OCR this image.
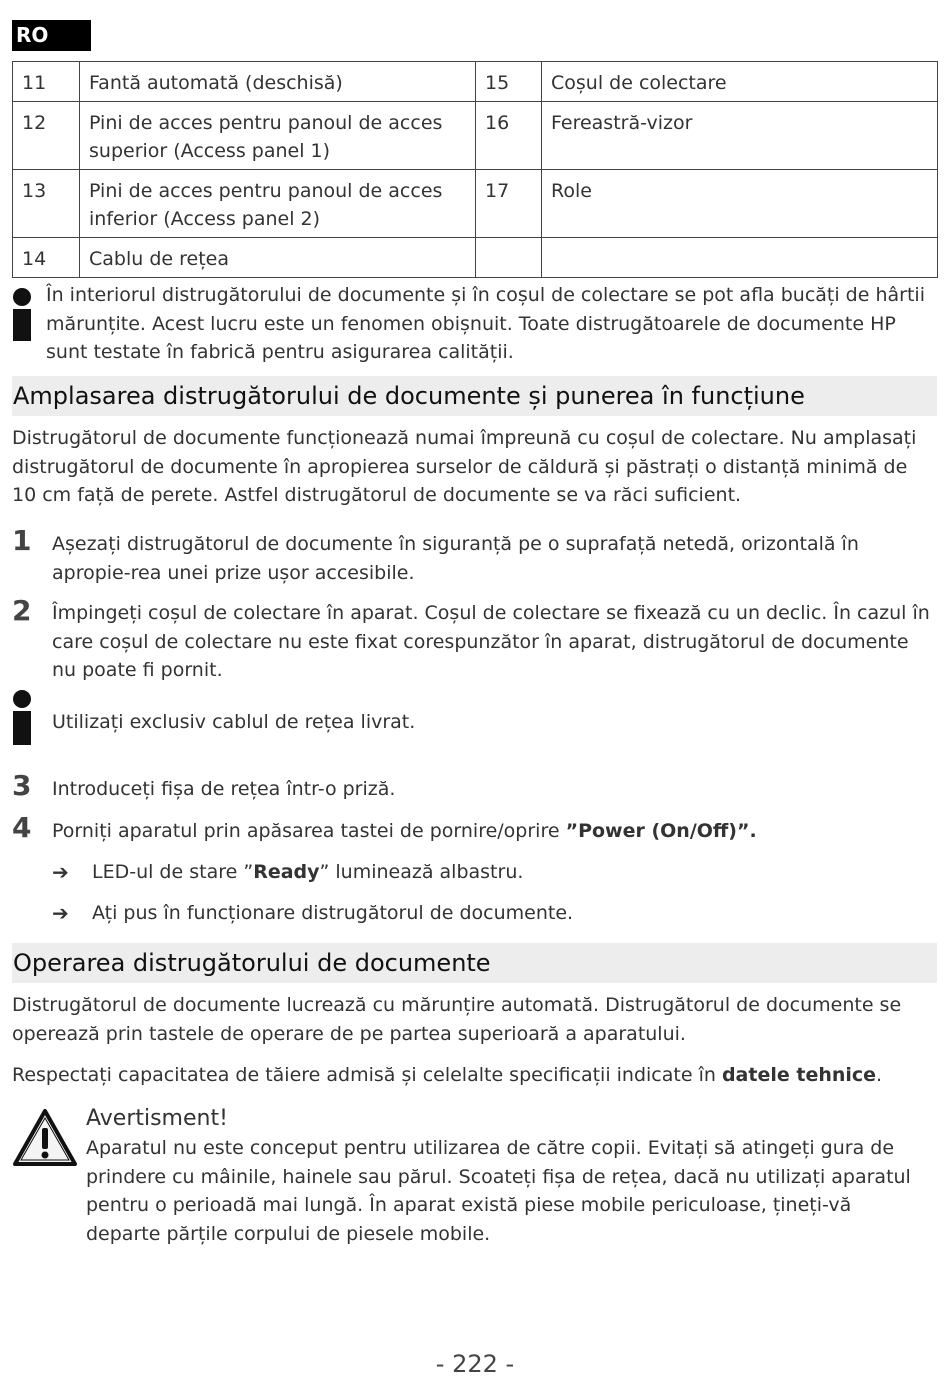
RO
11	Fantă automată (deschisă)	15	Coșul de colectare
12	Pini de acces pentru panoul de acces superior (Access panel 1)	16	Fereastră-vizor
13	Pini de acces pentru panoul de acces inferior (Access panel 2)	17	Role
14	Cablu de rețea		

În interiorul distrugătorului de documente și în coșul de colectare se pot afla bucăți de hârtii mărunțite. Acest lucru este un fenomen obișnuit. Toate distrugătoarele de documente HP sunt testate în fabrică pentru asigurarea calității.

Amplasarea distrugătorului de documente și punerea în funcțiune

Distrugătorul de documente funcționează numai împreună cu coșul de colectare. Nu amplasați distrugătorul de documente în apropierea surselor de căldură și păstrați o distanță minimă de 10 cm față de perete. Astfel distrugătorul de documente se va răci suficient.

1 Așezați distrugătorul de documente în siguranță pe o suprafață netedă, orizontală în apropie-rea unei prize ușor accesibile.

2 Împingeți coșul de colectare în aparat. Coșul de colectare se fixează cu un declic. În cazul în care coșul de colectare nu este fixat corespunzător în aparat, distrugătorul de documente nu poate fi pornit.

Utilizați exclusiv cablul de rețea livrat.

3 Introduceți fișa de rețea într-o priză.

4 Porniți aparatul prin apăsarea tastei de pornire/oprire ”Power (On/Off)”.

➔ LED-ul de stare ”Ready” luminează albastru.

➔ Ați pus în funcționare distrugătorul de documente.

Operarea distrugătorului de documente

Distrugătorul de documente lucrează cu mărunțire automată. Distrugătorul de documente se operează prin tastele de operare de pe partea superioară a aparatului.

Respectați capacitatea de tăiere admisă și celelalte specificații indicate în datele tehnice.

Avertisment!

Aparatul nu este conceput pentru utilizarea de către copii. Evitați să atingeți gura de prindere cu mâinile, hainele sau părul. Scoateți fișa de rețea, dacă nu utilizați aparatul pentru o perioadă mai lungă. În aparat există piese mobile periculoase, țineți-vă departe părțile corpului de piesele mobile.

- 222 -
